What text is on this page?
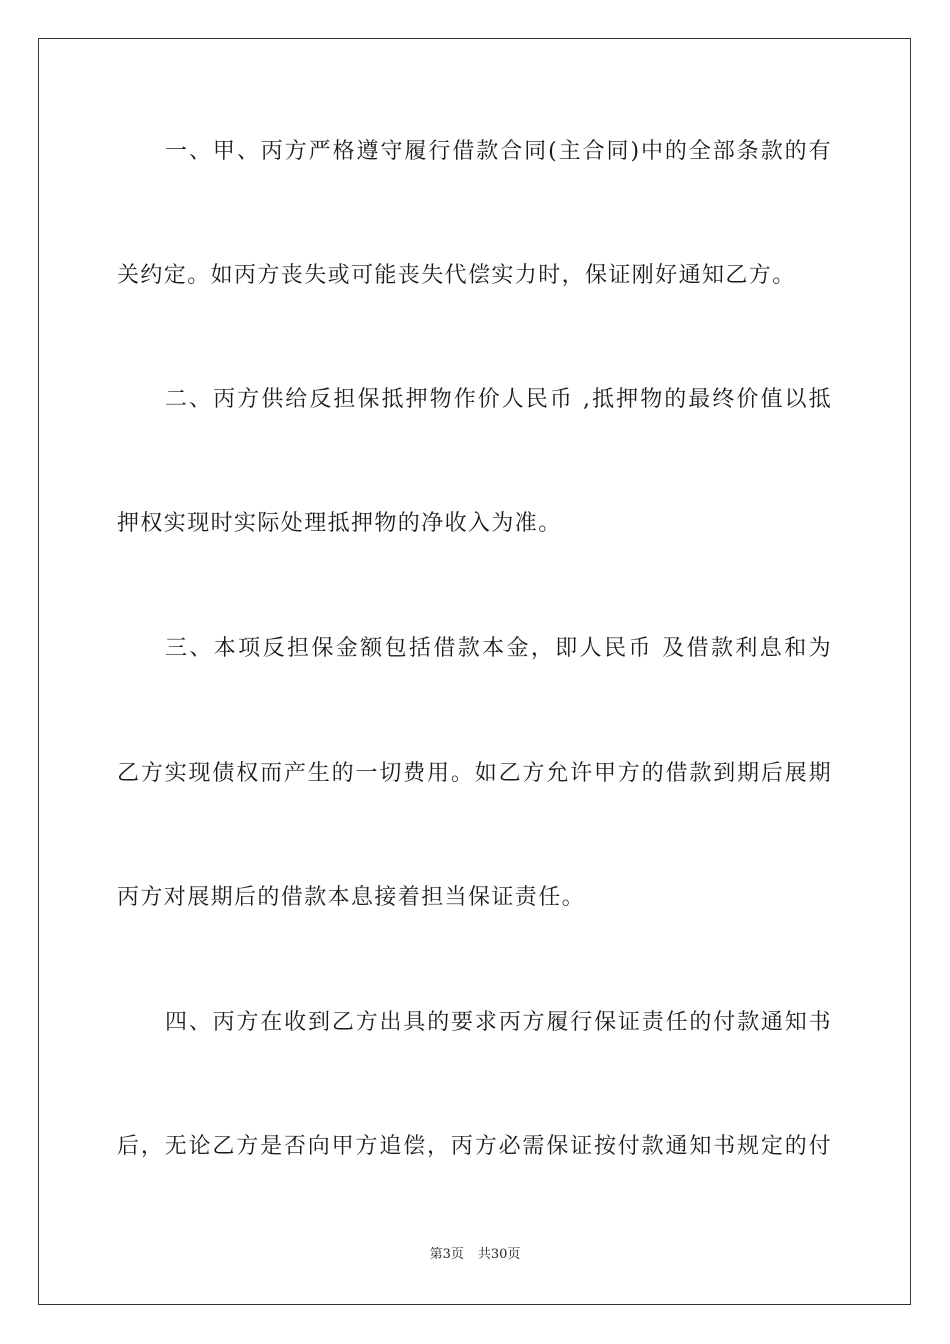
一、甲、丙方严格遵守履行借款合同(主合同)中的全部条款的有
关约定。如丙方丧失或可能丧失代偿实力时，保证刚好通知乙方。
二、丙方供给反担保抵押物作价人民币 ,抵押物的最终价值以抵
押权实现时实际处理抵押物的净收入为准。
三、本项反担保金额包括借款本金，即人民币 及借款利息和为
乙方实现债权而产生的一切费用。如乙方允许甲方的借款到期后展期
丙方对展期后的借款本息接着担当保证责任。
四、丙方在收到乙方出具的要求丙方履行保证责任的付款通知书
后，无论乙方是否向甲方追偿，丙方必需保证按付款通知书规定的付
第3页 共30页
